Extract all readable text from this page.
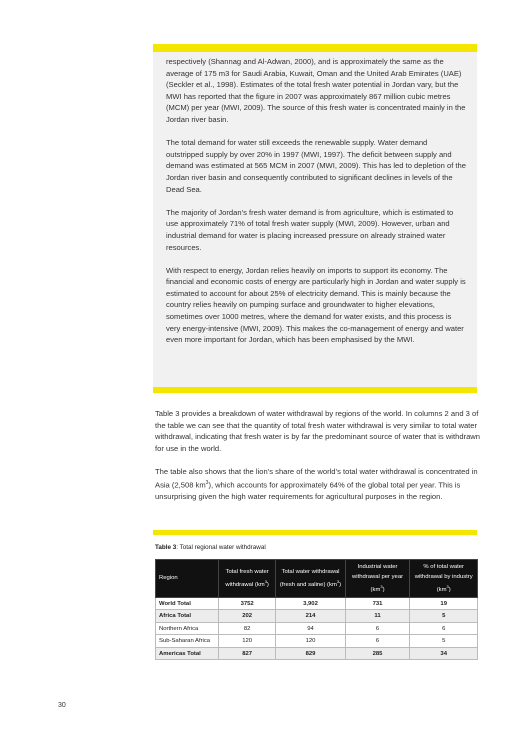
respectively (Shannag and Al-Adwan, 2000), and is approximately the same as the average of 175 m3 for Saudi Arabia, Kuwait, Oman and the United Arab Emirates (UAE) (Seckler et al., 1998). Estimates of the total fresh water potential in Jordan vary, but the MWI has reported that the figure in 2007 was approximately 867 million cubic metres (MCM) per year (MWI, 2009). The source of this fresh water is concentrated mainly in the Jordan river basin.

The total demand for water still exceeds the renewable supply. Water demand outstripped supply by over 20% in 1997 (MWI, 1997). The deficit between supply and demand was estimated at 565 MCM in 2007 (MWI, 2009). This has led to depletion of the Jordan river basin and consequently contributed to significant declines in levels of the Dead Sea.

The majority of Jordan’s fresh water demand is from agriculture, which is estimated to use approximately 71% of total fresh water supply (MWI, 2009). However, urban and industrial demand for water is placing increased pressure on already strained water resources.

With respect to energy, Jordan relies heavily on imports to support its economy. The financial and economic costs of energy are particularly high in Jordan and water supply is estimated to account for about 25% of electricity demand. This is mainly because the country relies heavily on pumping surface and groundwater to higher elevations, sometimes over 1000 metres, where the demand for water exists, and this process is very energy-intensive (MWI, 2009). This makes the co-management of energy and water even more important for Jordan, which has been emphasised by the MWI.

Table 3 provides a breakdown of water withdrawal by regions of the world. In columns 2 and 3 of the table we can see that the quantity of total fresh water withdrawal is very similar to total water withdrawal, indicating that fresh water is by far the predominant source of water that is withdrawn for use in the world.

The table also shows that the lion’s share of the world’s total water withdrawal is concentrated in Asia (2,508 $km^3$), which accounts for approximately 64% of the global total per year. This is unsurprising given the high water requirements for agricultural purposes in the region.

Table 3: Total regional water withdrawal
Region	Total fresh water withdrawal $(km^3)$	Total water withdrawal (fresh and saline) $(km^3)$	Industrial water withdrawal per year $(km^3)$	% of total water withdrawal by industry $(km^3)$
World Total	3752	3,902	731	19
Africa Total	202	214	11	5
Northern Africa	82	94	6	6
Sub-Saharan Africa	120	120	6	5
Americas Total	827	829	285	34
30
